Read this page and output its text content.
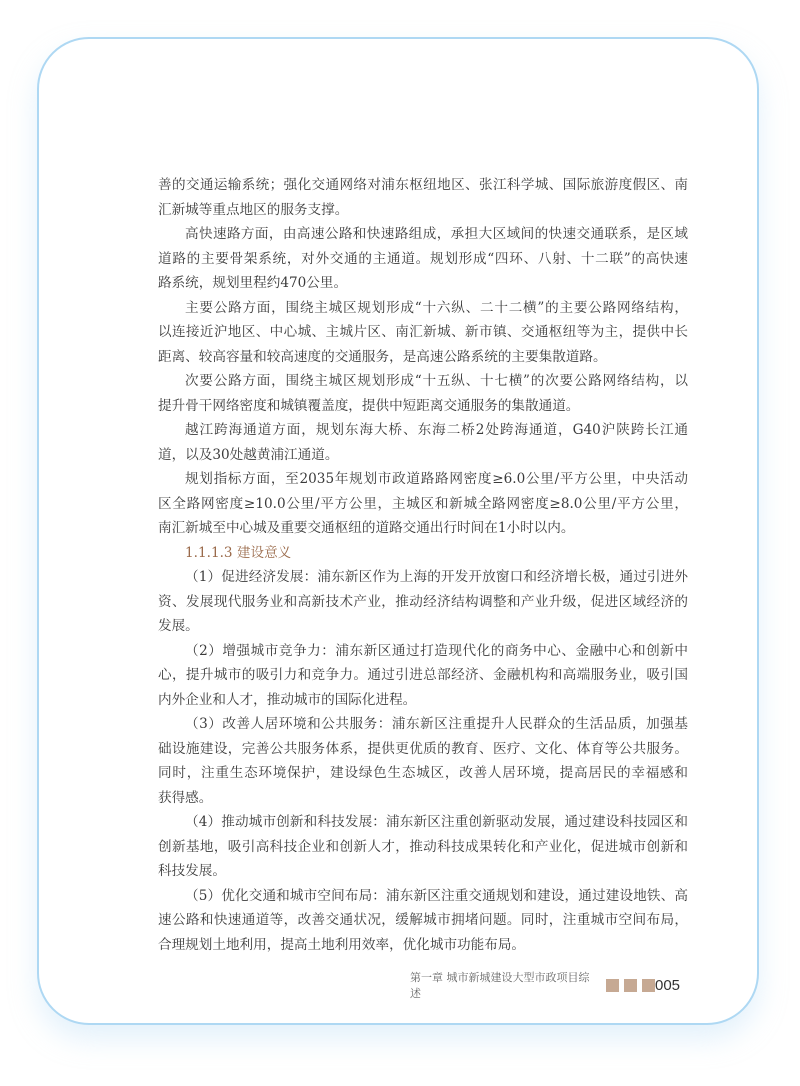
善的交通运输系统；强化交通网络对浦东枢纽地区、张江科学城、国际旅游度假区、南
汇新城等重点地区的服务支撑。
高快速路方面，由高速公路和快速路组成，承担大区域间的快速交通联系，是区域
道路的主要骨架系统，对外交通的主通道。规划形成“四环、八射、十二联”的高快速
路系统，规划里程约470公里。
主要公路方面，围绕主城区规划形成“十六纵、二十二横”的主要公路网络结构，
以连接近沪地区、中心城、主城片区、南汇新城、新市镇、交通枢纽等为主，提供中长
距离、较高容量和较高速度的交通服务，是高速公路系统的主要集散道路。
次要公路方面，围绕主城区规划形成“十五纵、十七横”的次要公路网络结构，以
提升骨干网络密度和城镇覆盖度，提供中短距离交通服务的集散通道。
越江跨海通道方面，规划东海大桥、东海二桥2处跨海通道，G40沪陕跨长江通
道，以及30处越黄浦江通道。
规划指标方面，至2035年规划市政道路路网密度≥6.0公里/平方公里，中央活动
区全路网密度≥10.0公里/平方公里，主城区和新城全路网密度≥8.0公里/平方公里，
南汇新城至中心城及重要交通枢纽的道路交通出行时间在1小时以内。
1.1.1.3 建设意义
（1）促进经济发展：浦东新区作为上海的开发开放窗口和经济增长极，通过引进外
资、发展现代服务业和高新技术产业，推动经济结构调整和产业升级，促进区域经济的
发展。
（2）增强城市竞争力：浦东新区通过打造现代化的商务中心、金融中心和创新中
心，提升城市的吸引力和竞争力。通过引进总部经济、金融机构和高端服务业，吸引国
内外企业和人才，推动城市的国际化进程。
（3）改善人居环境和公共服务：浦东新区注重提升人民群众的生活品质，加强基
础设施建设，完善公共服务体系，提供更优质的教育、医疗、文化、体育等公共服务。
同时，注重生态环境保护，建设绿色生态城区，改善人居环境，提高居民的幸福感和
获得感。
（4）推动城市创新和科技发展：浦东新区注重创新驱动发展，通过建设科技园区和
创新基地，吸引高科技企业和创新人才，推动科技成果转化和产业化，促进城市创新和
科技发展。
（5）优化交通和城市空间布局：浦东新区注重交通规划和建设，通过建设地铁、高
速公路和快速通道等，改善交通状况，缓解城市拥堵问题。同时，注重城市空间布局，
合理规划土地利用，提高土地利用效率，优化城市功能布局。
第一章 城市新城建设大型市政项目综述	005
